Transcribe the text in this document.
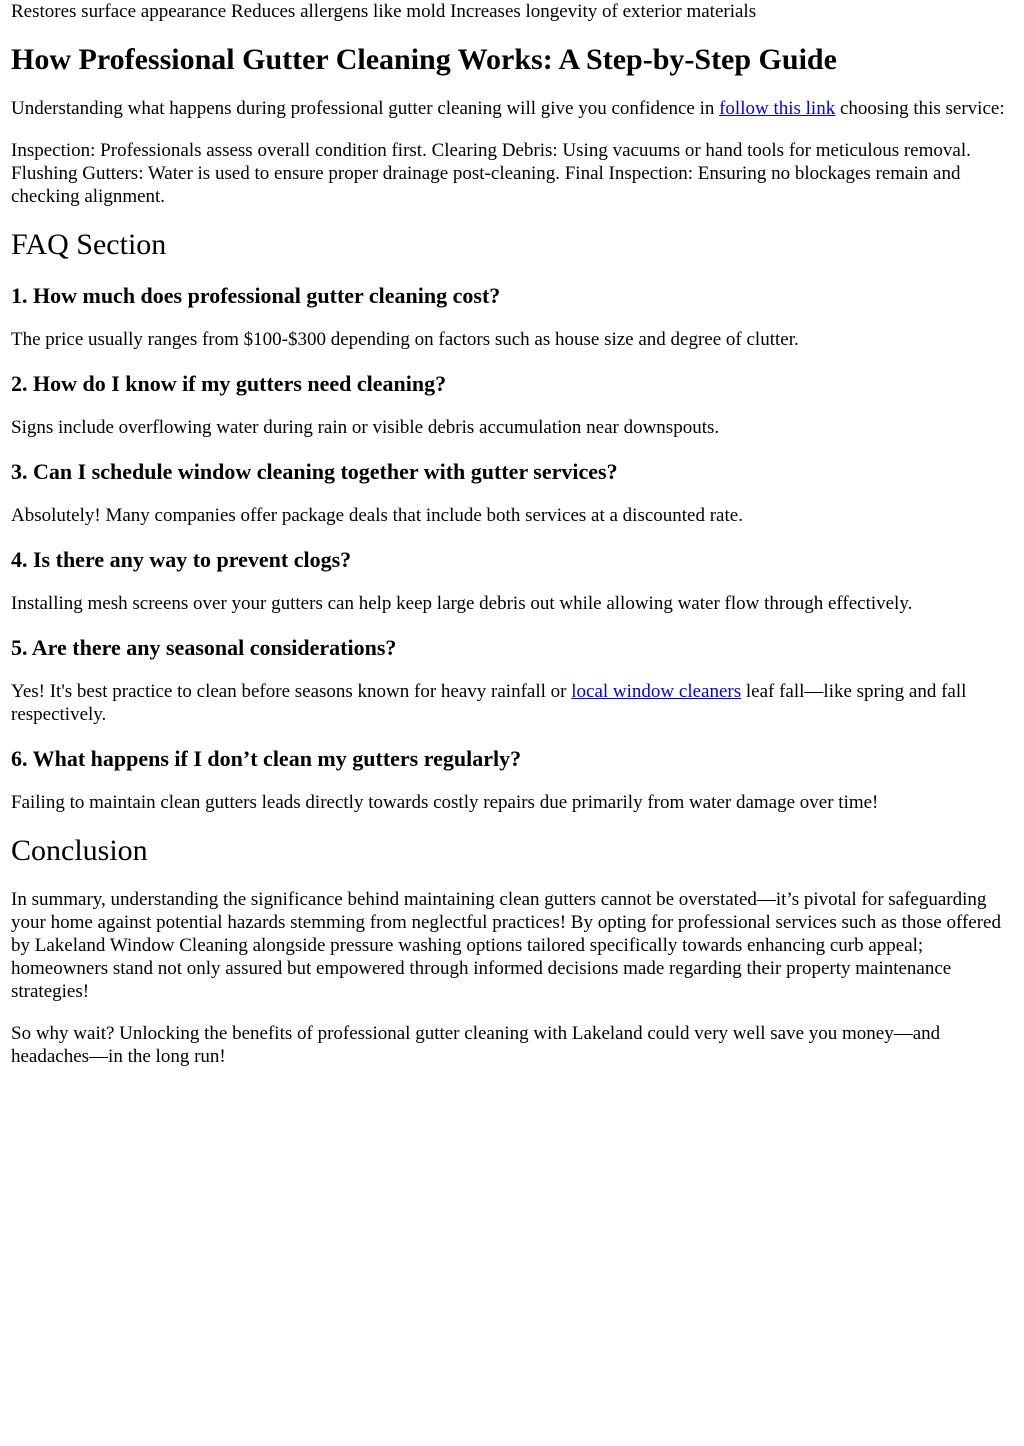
Restores surface appearance Reduces allergens like mold Increases longevity of exterior materials

How Professional Gutter Cleaning Works: A Step-by-Step Guide

Understanding what happens during professional gutter cleaning will give you confidence in follow this link choosing this service:

Inspection: Professionals assess overall condition first. Clearing Debris: Using vacuums or hand tools for meticulous removal. Flushing Gutters: Water is used to ensure proper drainage post-cleaning. Final Inspection: Ensuring no blockages remain and checking alignment.

FAQ Section
1. How much does professional gutter cleaning cost?

The price usually ranges from $100-$300 depending on factors such as house size and degree of clutter.

2. How do I know if my gutters need cleaning?

Signs include overflowing water during rain or visible debris accumulation near downspouts.

3. Can I schedule window cleaning together with gutter services?

Absolutely! Many companies offer package deals that include both services at a discounted rate.

4. Is there any way to prevent clogs?

Installing mesh screens over your gutters can help keep large debris out while allowing water flow through effectively.

5. Are there any seasonal considerations?

Yes! It's best practice to clean before seasons known for heavy rainfall or local window cleaners leaf fall—like spring and fall respectively.

6. What happens if I don’t clean my gutters regularly?

Failing to maintain clean gutters leads directly towards costly repairs due primarily from water damage over time!

Conclusion

In summary, understanding the significance behind maintaining clean gutters cannot be overstated—it’s pivotal for safeguarding your home against potential hazards stemming from neglectful practices! By opting for professional services such as those offered by Lakeland Window Cleaning alongside pressure washing options tailored specifically towards enhancing curb appeal; homeowners stand not only assured but empowered through informed decisions made regarding their property maintenance strategies!

So why wait? Unlocking the benefits of professional gutter cleaning with Lakeland could very well save you money—and headaches—in the long run!
